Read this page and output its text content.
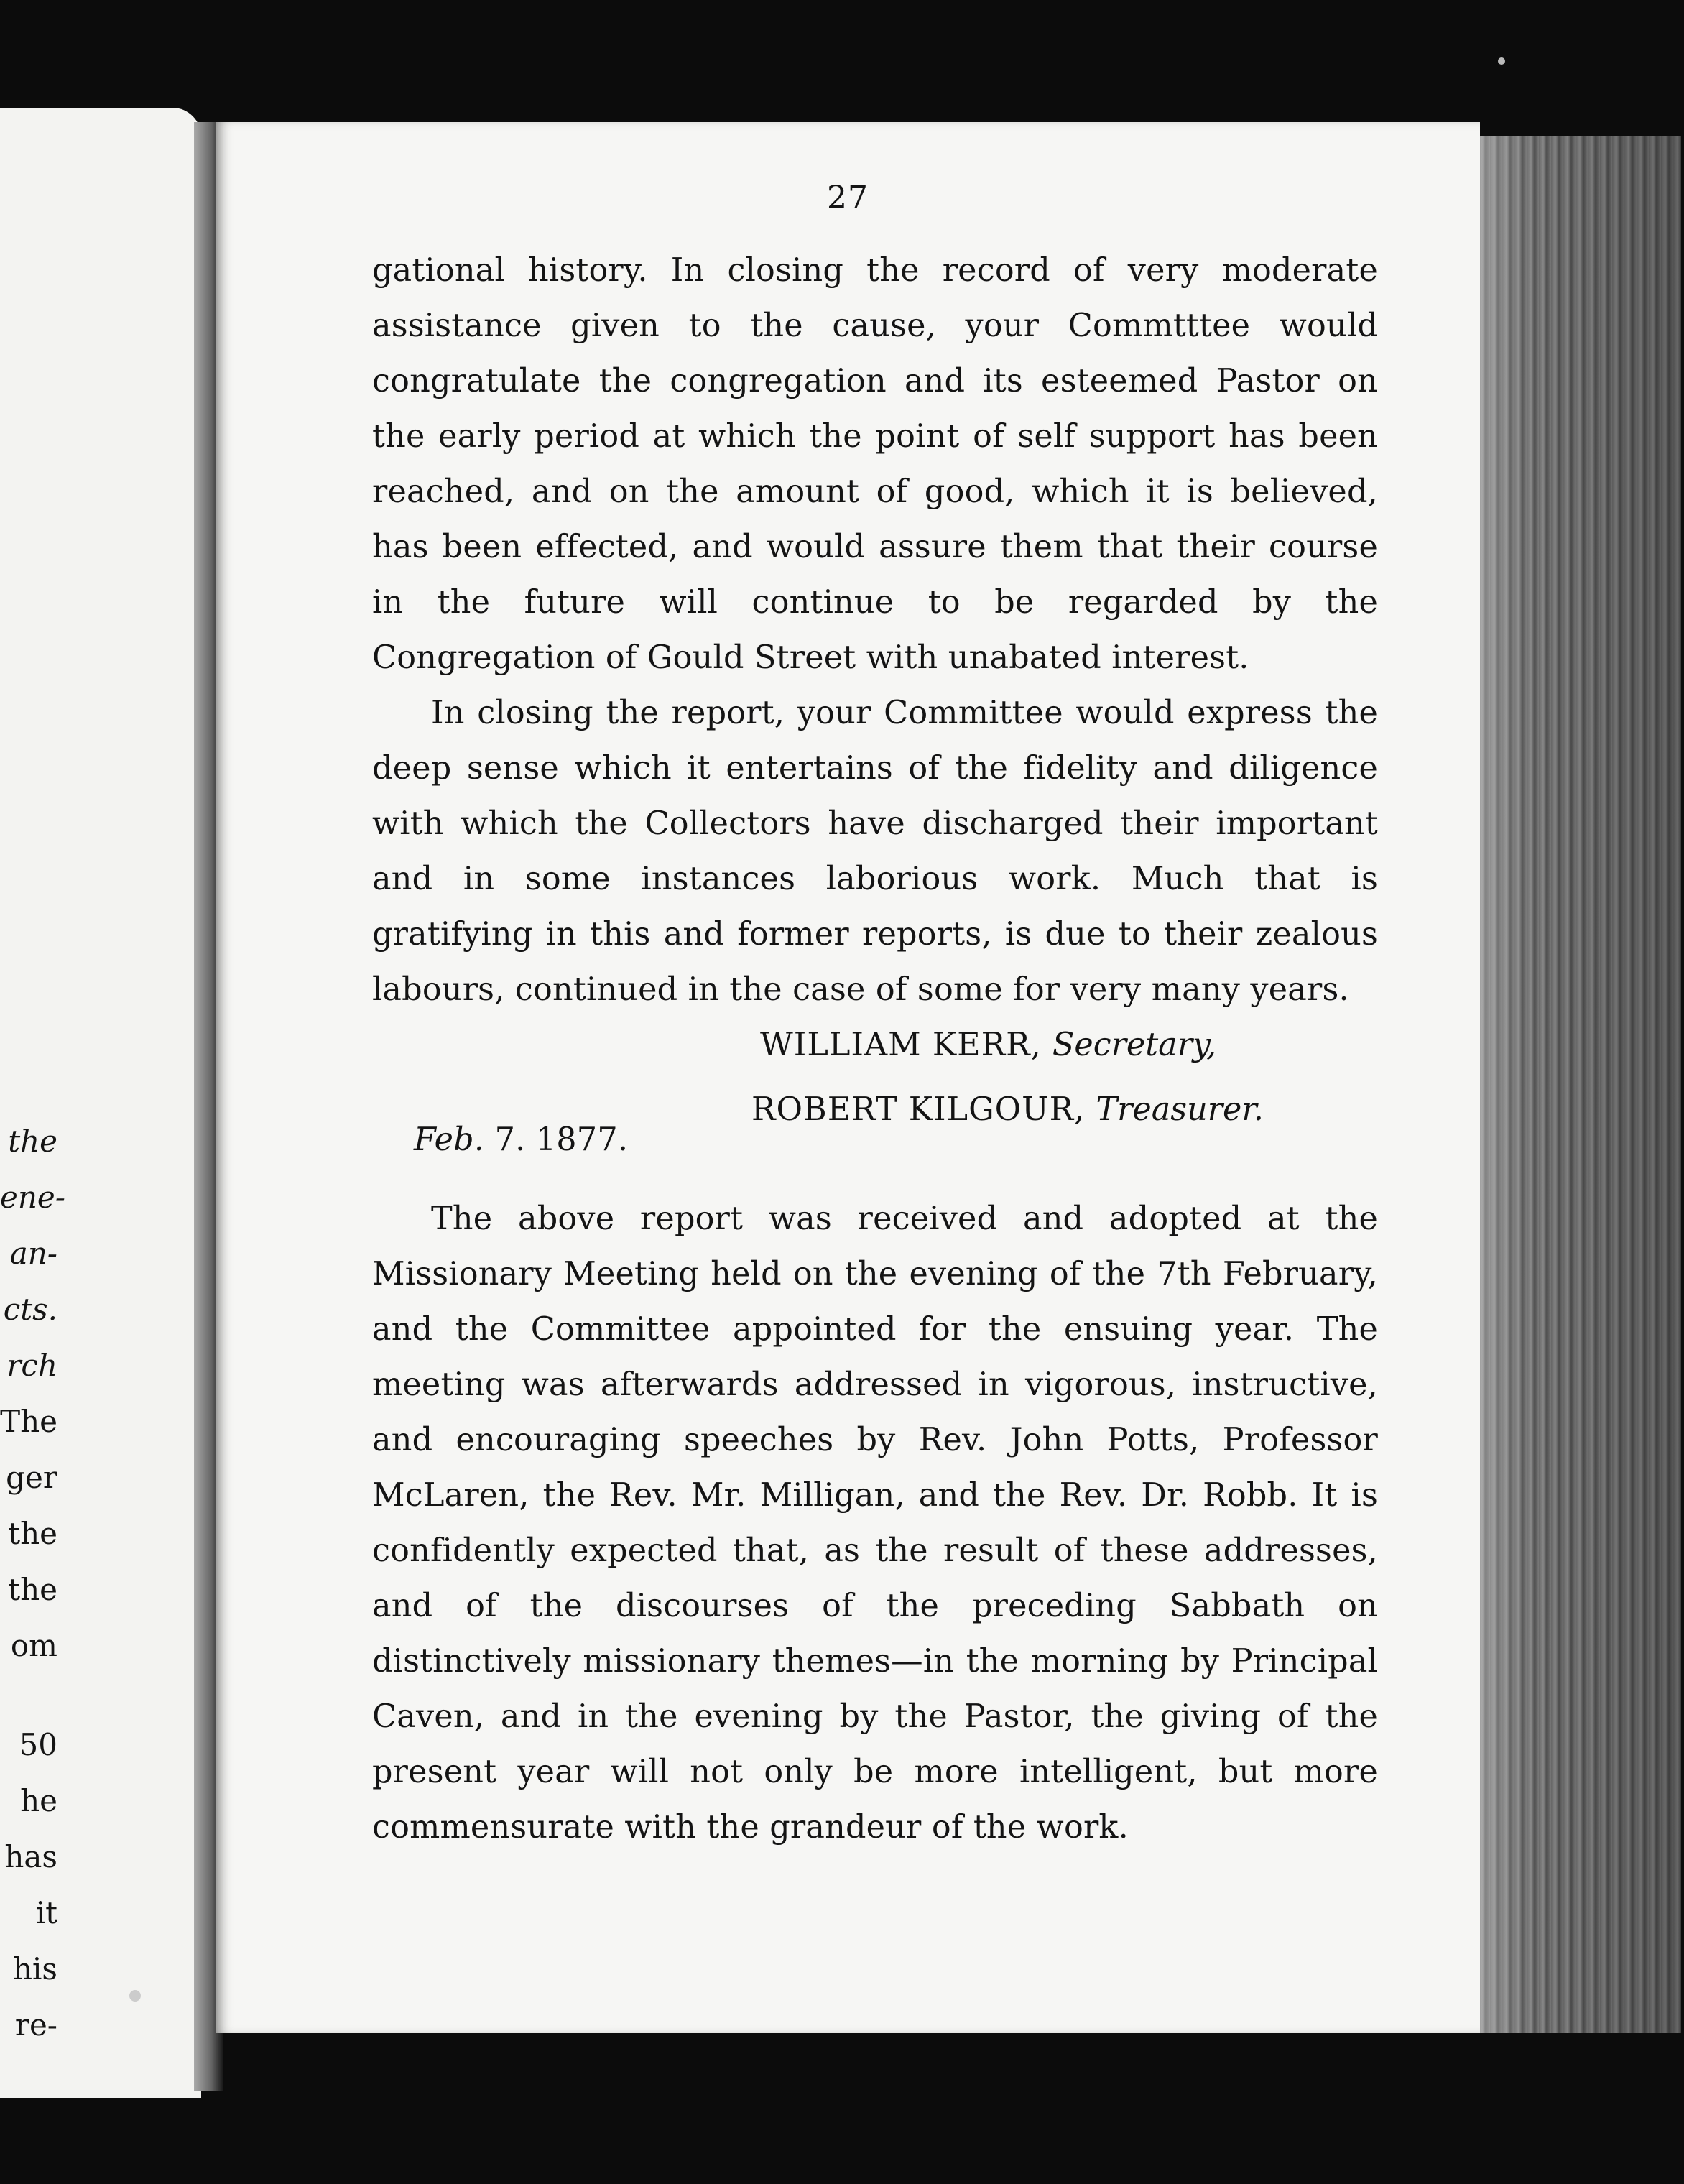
the
ene-
an-
cts.
rch
The
ger
the
the
om
50
he
has
it
his
re-
27

gational history. In closing the record of very moderate assistance given to the cause, your Commtttee would congratulate the congregation and its esteemed Pastor on the early period at which the point of self support has been reached, and on the amount of good, which it is believed, has been effected, and would assure them that their course in the future will continue to be regarded by the Congregation of Gould Street with unabated interest.

In closing the report, your Committee would express the deep sense which it entertains of the fidelity and diligence with which the Collectors have discharged their important and in some instances laborious work. Much that is gratifying in this and former reports, is due to their zealous labours, continued in the case of some for very many years.

WILLIAM KERR, Secretary,
ROBERT KILGOUR, Treasurer.
Feb. 7. 1877.

The above report was received and adopted at the Missionary Meeting held on the evening of the 7th February, and the Committee appointed for the ensuing year. The meeting was afterwards addressed in vigorous, instructive, and encouraging speeches by Rev. John Potts, Professor McLaren, the Rev. Mr. Milligan, and the Rev. Dr. Robb. It is confidently expected that, as the result of these addresses, and of the discourses of the preceding Sabbath on distinctively missionary themes—in the morning by Principal Caven, and in the evening by the Pastor, the giving of the present year will not only be more intelligent, but more commensurate with the grandeur of the work.
